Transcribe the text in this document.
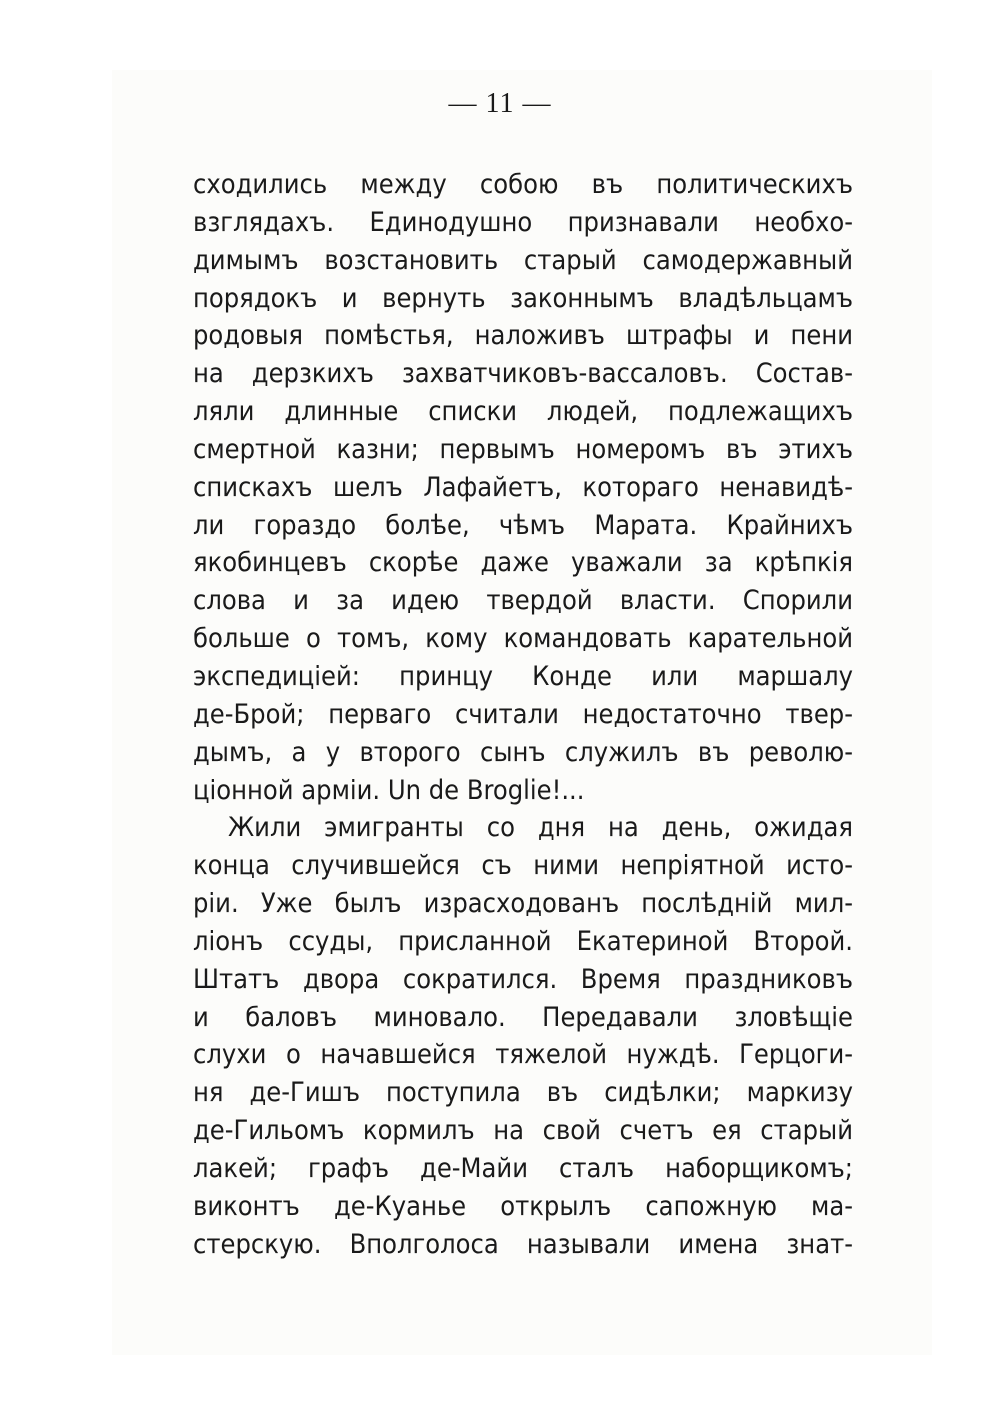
— 11 —
сходились между собою въ политическихъ
взглядахъ. Единодушно признавали необхо-
димымъ возстановить старый самодержавный
порядокъ и вернуть законнымъ владѣльцамъ
родовыя помѣстья, наложивъ штрафы и пени
на дерзкихъ захватчиковъ-вассаловъ. Состав-
ляли длинные списки людей, подлежащихъ
смертной казни; первымъ номеромъ въ этихъ
спискахъ шелъ Лафайетъ, котораго ненавидѣ-
ли гораздо болѣе, чѣмъ Марата. Крайнихъ
якобинцевъ скорѣе даже уважали за крѣпкія
слова и за идею твердой власти. Спорили
больше о томъ, кому командовать карательной
экспедиціей: принцу Конде или маршалу
де-Брой; перваго считали недостаточно твер-
дымъ, а у второго сынъ служилъ въ револю-
ціонной арміи. Un de Broglie!...
Жили эмигранты со дня на день, ожидая
конца случившейся съ ними непріятной исто-
ріи. Уже былъ израсходованъ послѣдній мил-
ліонъ ссуды, присланной Екатериной Второй.
Штатъ двора сократился. Время праздниковъ
и баловъ миновало. Передавали зловѣщіе
слухи о начавшейся тяжелой нуждѣ. Герцоги-
ня де-Гишъ поступила въ сидѣлки; маркизу
де-Гильомъ кормилъ на свой счетъ ея старый
лакей; графъ де-Майи сталъ наборщикомъ;
виконтъ де-Куанье открылъ сапожную ма-
стерскую. Вполголоса называли имена знат-
